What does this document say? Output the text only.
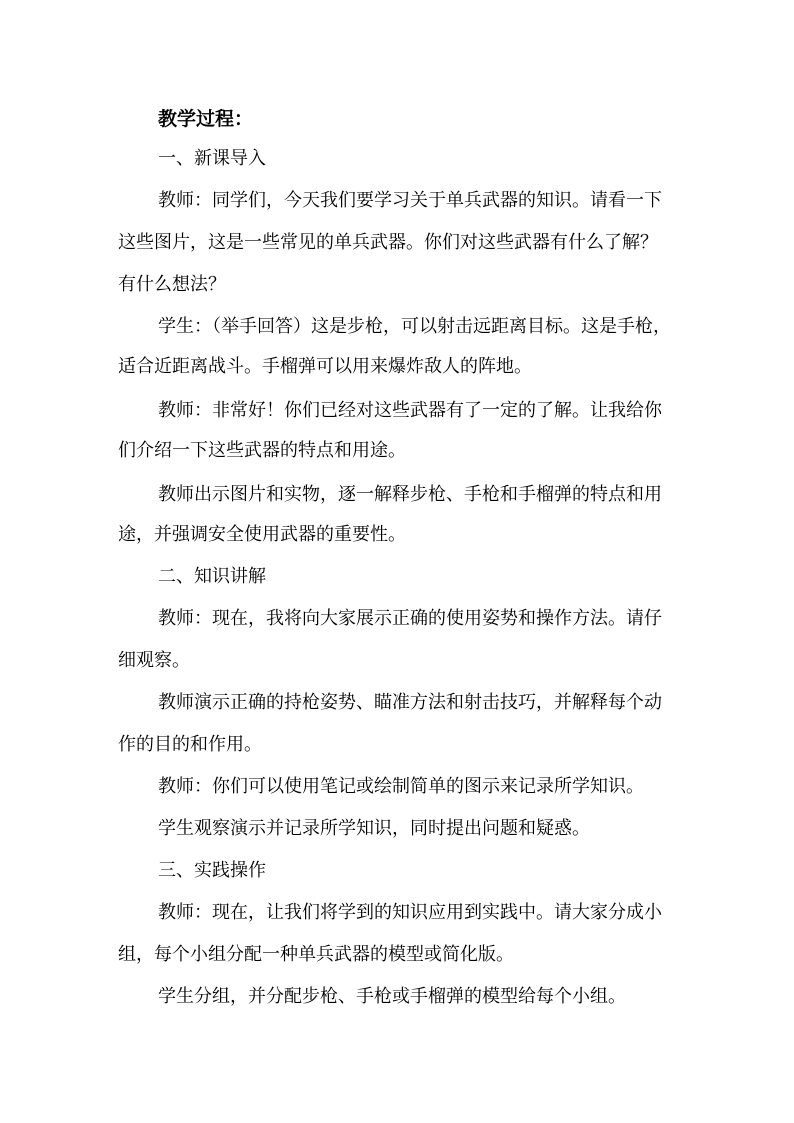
教学过程：
一、新课导入
教师：同学们，今天我们要学习关于单兵武器的知识。请看一下
这些图片，这是一些常见的单兵武器。你们对这些武器有什么了解？
有什么想法？
学生：（举手回答）这是步枪，可以射击远距离目标。这是手枪，
适合近距离战斗。手榴弹可以用来爆炸敌人的阵地。
教师：非常好！你们已经对这些武器有了一定的了解。让我给你
们介绍一下这些武器的特点和用途。
教师出示图片和实物，逐一解释步枪、手枪和手榴弹的特点和用
途，并强调安全使用武器的重要性。
二、知识讲解
教师：现在，我将向大家展示正确的使用姿势和操作方法。请仔
细观察。
教师演示正确的持枪姿势、瞄准方法和射击技巧，并解释每个动
作的目的和作用。
教师：你们可以使用笔记或绘制简单的图示来记录所学知识。
学生观察演示并记录所学知识，同时提出问题和疑惑。
三、实践操作
教师：现在，让我们将学到的知识应用到实践中。请大家分成小
组，每个小组分配一种单兵武器的模型或简化版。
学生分组，并分配步枪、手枪或手榴弹的模型给每个小组。
